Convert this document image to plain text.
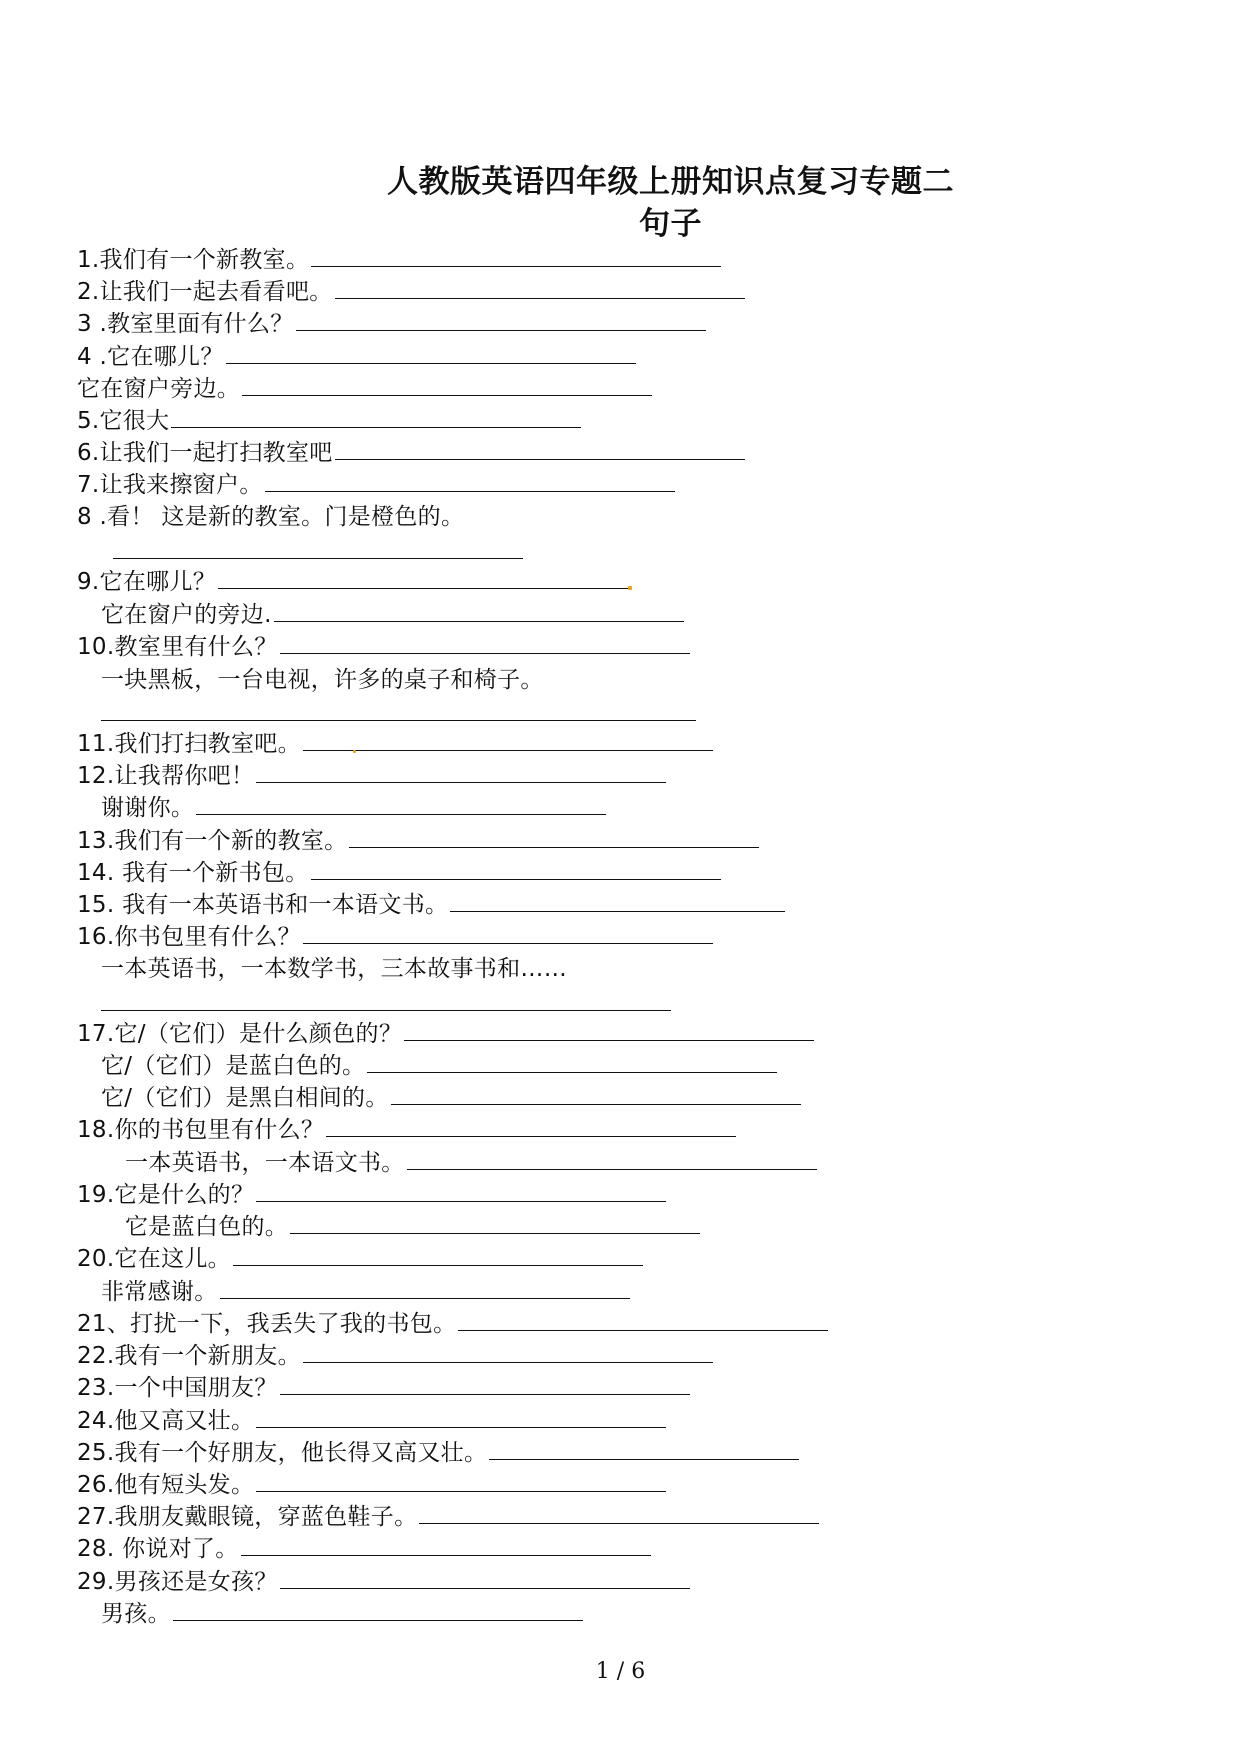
人教版英语四年级上册知识点复习专题二
句子
1.我们有一个新教室。
2.让我们一起去看看吧。
3 .教室里面有什么？
4 .它在哪儿？
它在窗户旁边。
5.它很大
6.让我们一起打扫教室吧
7.让我来擦窗户。
8 .看！ 这是新的教室。门是橙色的。
9.它在哪儿？
它在窗户的旁边.
10.教室里有什么？
一块黑板，一台电视，许多的桌子和椅子。
11.我们打扫教室吧。
12.让我帮你吧！
谢谢你。
13.我们有一个新的教室。
14. 我有一个新书包。
15. 我有一本英语书和一本语文书。
16.你书包里有什么？
一本英语书，一本数学书，三本故事书和……
17.它/（它们）是什么颜色的？
它/（它们）是蓝白色的。
它/（它们）是黑白相间的。
18.你的书包里有什么？
一本英语书，一本语文书。
19.它是什么的？
它是蓝白色的。
20.它在这儿。
非常感谢。
21、打扰一下，我丢失了我的书包。
22.我有一个新朋友。
23.一个中国朋友？
24.他又高又壮。
25.我有一个好朋友，他长得又高又壮。
26.他有短头发。
27.我朋友戴眼镜，穿蓝色鞋子。
28. 你说对了。
29.男孩还是女孩？
男孩。
1 / 6
